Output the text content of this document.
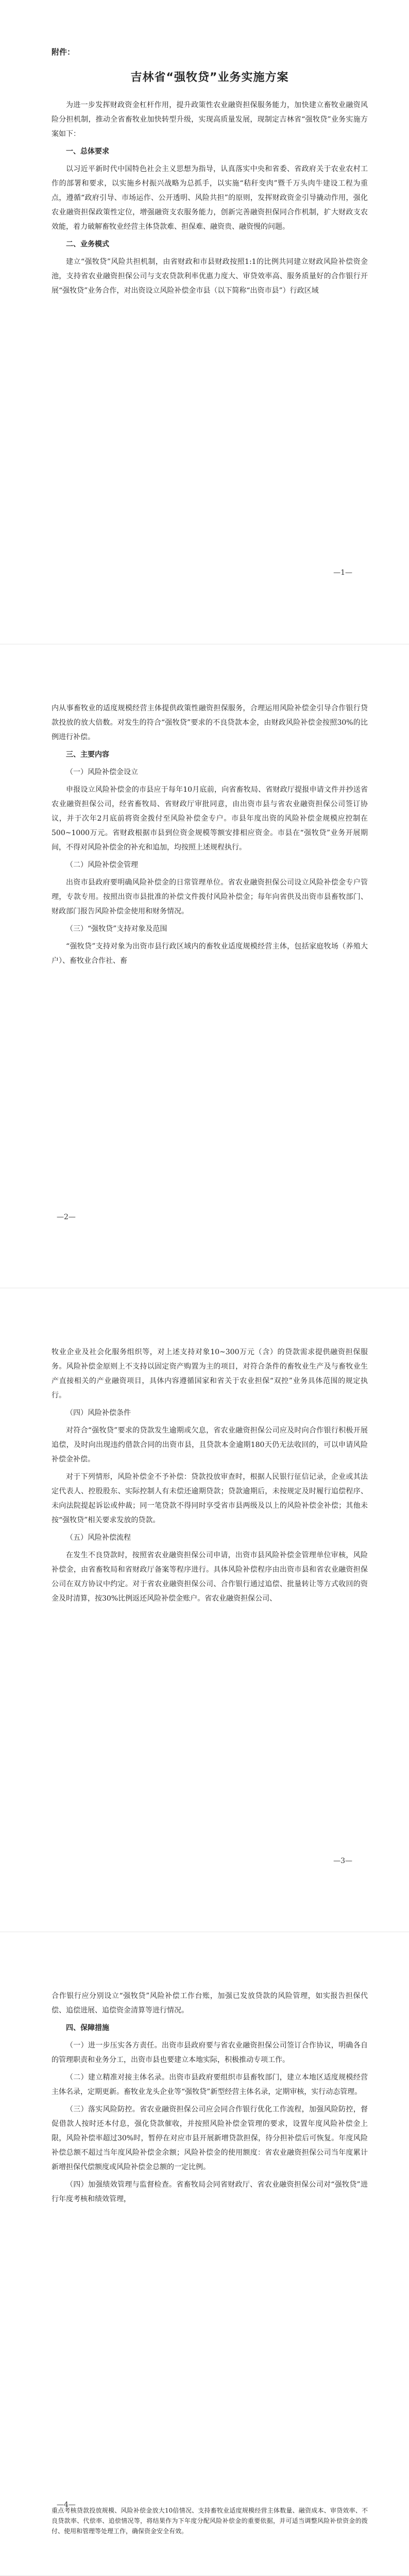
附件：
吉林省“强牧贷”业务实施方案

为进一步发挥财政资金杠杆作用，提升政策性农业融资担保服务能力，加快建立畜牧业融资风险分担机制，推动全省畜牧业加快转型升级，实现高质量发展，现制定吉林省“强牧贷”业务实施方案如下：

一、总体要求

以习近平新时代中国特色社会主义思想为指导，认真落实中央和省委、省政府关于农业农村工作的部署和要求，以实施乡村振兴战略为总抓手，以实施“秸秆变肉”暨千万头肉牛建设工程为重点，遵循“政府引导、市场运作、公开透明、风险共担”的原则，发挥财政资金引导撬动作用，强化农业融资担保政策性定位，增强融资支农服务能力，创新完善融资担保同合作机制，扩大财政支农效能，着力破解畜牧业经营主体贷款难、担保难、融资贵、融资慢的问题。

二、业务模式

建立“强牧贷”风险共担机制，由省财政和市县财政按照1:1的比例共同建立财政风险补偿资金池，支持省农业融资担保公司与支农贷款利率优惠力度大、审贷效率高、服务质量好的合作银行开展“强牧贷”业务合作，对出资设立风险补偿金市县（以下简称“出资市县”）行政区域

—1—

内从事畜牧业的适度规模经营主体提供政策性融资担保服务，合理运用风险补偿金引导合作银行贷款投放的放大倍数。对发生的符合“强牧贷”要求的不良贷款本金，由财政风险补偿金按照30%的比例进行补偿。

三、主要内容

（一）风险补偿金设立

申报设立风险补偿金的市县应于每年10月底前，向省畜牧局、省财政厅提报申请文件并抄送省农业融资担保公司，经省畜牧局、省财政厅审批同意，由出资市县与省农业融资担保公司签订协议，并于次年2月底前将资金拨付至风险补偿金专户。市县年度出资的风险补偿金规模应控制在500~1000万元。省财政根据市县到位资金规模等额安排相应资金。市县在“强牧贷”业务开展期间，不得对风险补偿金的补充和追加，均按照上述规程执行。

（二）风险补偿金管理

出资市县政府要明确风险补偿金的日常管理单位。省农业融资担保公司设立风险补偿金专户管理，专款专用。按照出资市县批准的补偿文件拨付风险补偿金；每年向省供及出资市县畜牧部门、财政部门报告风险补偿金使用和财务情况。

（三）“强牧贷”支持对象及范围

“强牧贷”支持对象为出资市县行政区域内的畜牧业适度规模经营主体，包括家庭牧场（养殖大户）、畜牧业合作社、畜

—2—

牧业企业及社会化服务组织等，对上述支持对象10~300万元（含）的贷款需求提供融资担保服务。风险补偿金原则上不支持以固定资产购置为主的项目，对符合条件的畜牧业生产及与畜牧业生产直接相关的产业融资项目，具体内容遵循国家和省关于农业担保“双控”业务具体范围的规定执行。

（四）风险补偿条件

对符合“强牧贷”要求的贷款发生逾期或欠息，省农业融资担保公司应及时向合作银行积极开展追偿，及时向出现违约借款合同的出资市县，且贷款本金逾期180天仍无法收回的，可以申请风险补偿金补偿。

对于下列情形，风险补偿金不予补偿：贷款投放审查时，根据人民银行征信记录，企业或其法定代表人、控股股东、实际控制人有未偿还逾期贷款；贷款逾期后，未按规定及时履行追偿程序、未向法院提起诉讼或仲裁；同一笔贷款不得同时享受省市县两级及以上的风险补偿金补偿；其他未按“强牧贷”相关要求发放的贷款。

（五）风险补偿流程

在发生不良贷款时，按照省农业融资担保公司申请，出资市县风险补偿金管理单位审核，风险补偿金，由省畜牧局和省财政厅备案等程序进行。具体风险补偿程序由出资市县和省农业融资担保公司在双方协议中约定。对于省农业融资担保公司、合作银行通过追偿、批量转让等方式收回的资金及时清算，按30%比例返还风险补偿金账户。省农业融资担保公司、

—3—

合作银行应分别设立“强牧贷”风险补偿工作台账，加强已发放贷款的风险管理，如实报告担保代偿、追偿进展、追偿资金清算等进行情况。

四、保障措施

（一）进一步压实各方责任。出资市县政府要与省农业融资担保公司签订合作协议，明确各自的管理职责和业务分工，出资市县也要建立本地实际，积极推动专项工作。

（二）建立精准对接主体名录。出资市县政府要组织市县畜牧部门，建立本地区适度规模经营主体名录，定期更新。畜牧业龙头企业等“强牧贷”新型经营主体名录，定期审核，实行动态管理。

（三）落实风险防控。省农业融资担保公司应会同合作银行优化工作流程，加强风险防控，督促借款人按时还本付息，强化贷款催收，并按照风险补偿金管理的要求，设置年度风险补偿金上限，风险补偿率超过30%时，暂停在对应市县开展新增贷款担保，待分担补偿后可恢复。年度风险补偿总额不超过当年度风险补偿金余额；风险补偿金的使用额度：省农业融资担保公司当年度累计新增担保代偿额度或风险补偿金总额的一定比例。

（四）加强绩效管理与监督检查。省畜牧局会同省财政厅、省农业融资担保公司对“强牧贷”进行年度考核和绩效管理，

—4—

重点考核贷款投放规模、风险补偿金放大10倍情况、支持畜牧业适度规模经营主体数量、融资成本、审贷效率、不良贷款率、代偿率、追偿情况等，将结果作为下年度分配风险补偿金的重要依据，并可适当调整风险补偿资金的拨付、使用和管理等处理工作，确保资金安全有效。
